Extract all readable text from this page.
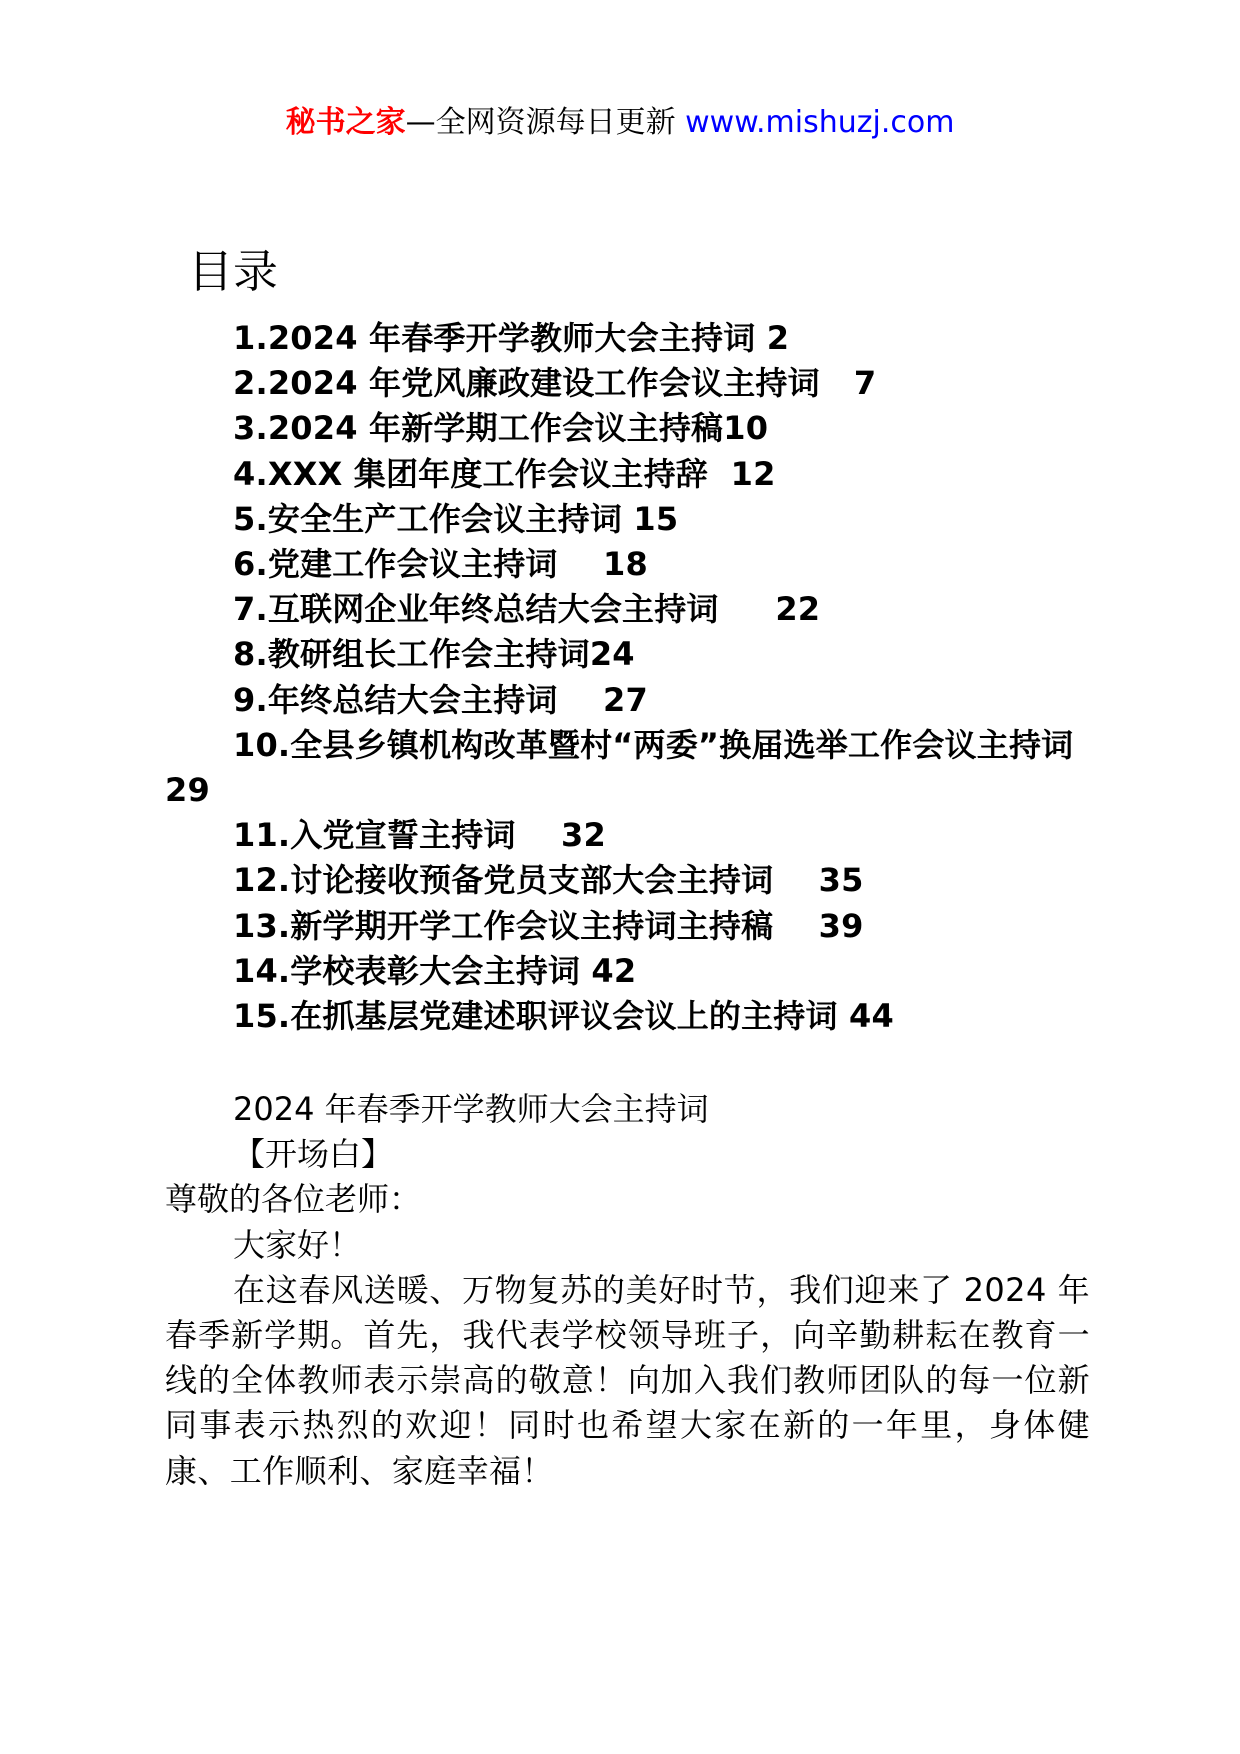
秘书之家—全网资源每日更新 www.mishuzj.com
目录
1.2024 年春季开学教师大会主持词 2
2.2024 年党风廉政建设工作会议主持词   7
3.2024 年新学期工作会议主持稿10
4.XXX 集团年度工作会议主持辞  12
5.安全生产工作会议主持词 15
6.党建工作会议主持词    18
7.互联网企业年终总结大会主持词     22
8.教研组长工作会主持词24
9.年终总结大会主持词    27
10.全县乡镇机构改革暨村“两委”换届选举工作会议主持词  29
11.入党宣誓主持词    32
12.讨论接收预备党员支部大会主持词    35
13.新学期开学工作会议主持词主持稿    39
14.学校表彰大会主持词 42
15.在抓基层党建述职评议会议上的主持词 44

2024 年春季开学教师大会主持词

【开场白】

尊敬的各位老师：

大家好！

在这春风送暖、万物复苏的美好时节，我们迎来了 2024 年春季新学期。首先，我代表学校领导班子，向辛勤耕耘在教育一线的全体教师表示崇高的敬意！向加入我们教师团队的每一位新同事表示热烈的欢迎！同时也希望大家在新的一年里，身体健康、工作顺利、家庭幸福！
